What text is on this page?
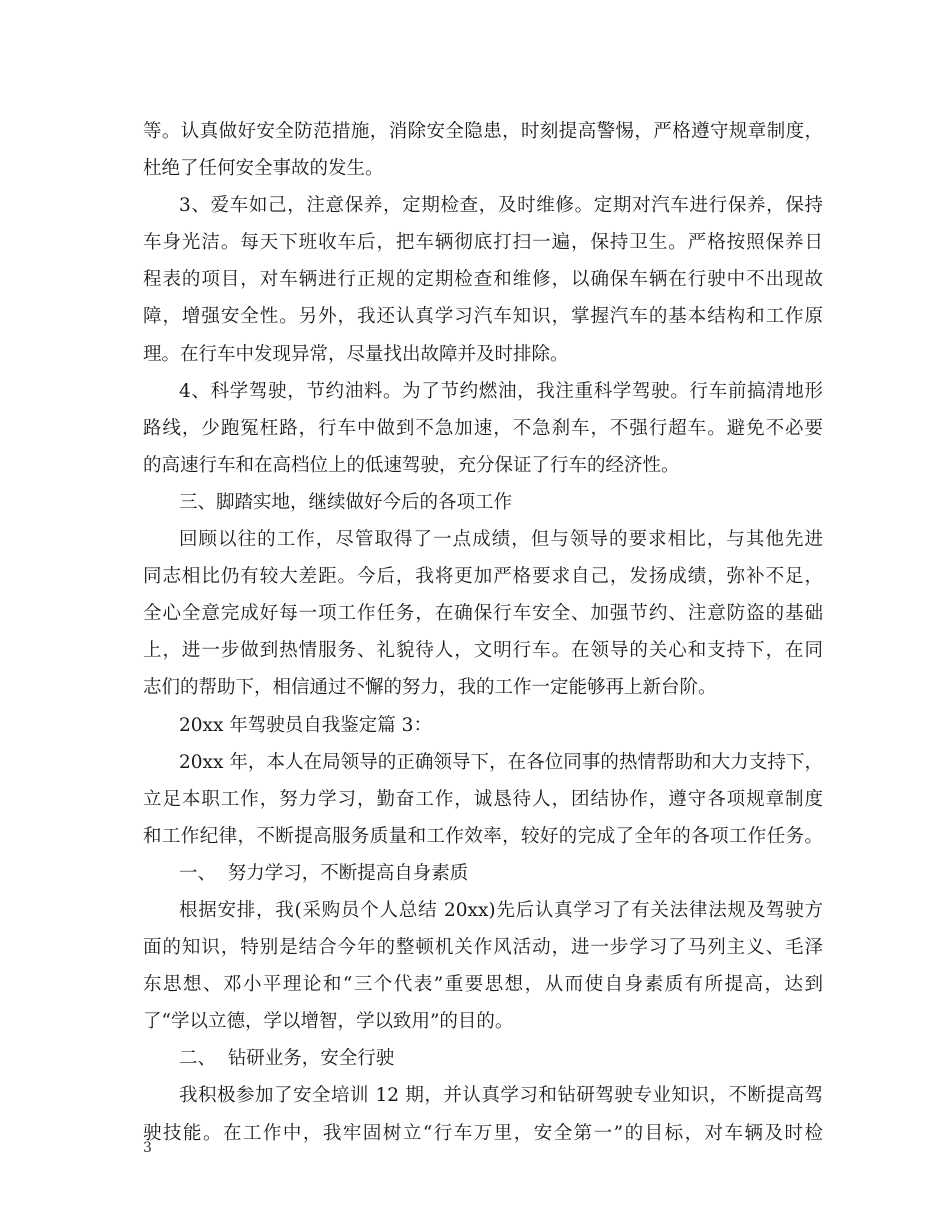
等。认真做好安全防范措施，消除安全隐患，时刻提高警惕，严格遵守规章制度，
杜绝了任何安全事故的发生。
3、爱车如己，注意保养，定期检查，及时维修。定期对汽车进行保养，保持
车身光洁。每天下班收车后，把车辆彻底打扫一遍，保持卫生。严格按照保养日
程表的项目，对车辆进行正规的定期检查和维修，以确保车辆在行驶中不出现故
障，增强安全性。另外，我还认真学习汽车知识，掌握汽车的基本结构和工作原
理。在行车中发现异常，尽量找出故障并及时排除。
4、科学驾驶，节约油料。为了节约燃油，我注重科学驾驶。行车前搞清地形
路线，少跑冤枉路，行车中做到不急加速，不急刹车，不强行超车。避免不必要
的高速行车和在高档位上的低速驾驶，充分保证了行车的经济性。
三、脚踏实地，继续做好今后的各项工作
回顾以往的工作，尽管取得了一点成绩，但与领导的要求相比，与其他先进
同志相比仍有较大差距。今后，我将更加严格要求自己，发扬成绩，弥补不足，
全心全意完成好每一项工作任务，在确保行车安全、加强节约、注意防盗的基础
上，进一步做到热情服务、礼貌待人，文明行车。在领导的关心和支持下，在同
志们的帮助下，相信通过不懈的努力，我的工作一定能够再上新台阶。
20xx 年驾驶员自我鉴定篇 3：
20xx 年，本人在局领导的正确领导下，在各位同事的热情帮助和大力支持下，
立足本职工作，努力学习，勤奋工作，诚恳待人，团结协作，遵守各项规章制度
和工作纪律，不断提高服务质量和工作效率，较好的完成了全年的各项工作任务。
一、  努力学习，不断提高自身素质
根据安排，我(采购员个人总结 20xx)先后认真学习了有关法律法规及驾驶方
面的知识，特别是结合今年的整顿机关作风活动，进一步学习了马列主义、毛泽
东思想、邓小平理论和“三个代表”重要思想，从而使自身素质有所提高，达到
了“学以立德，学以增智，学以致用”的目的。
二、  钻研业务，安全行驶
我积极参加了安全培训 12 期，并认真学习和钻研驾驶专业知识，不断提高驾
驶技能。在工作中，我牢固树立“行车万里，安全第一”的目标，对车辆及时检
3
